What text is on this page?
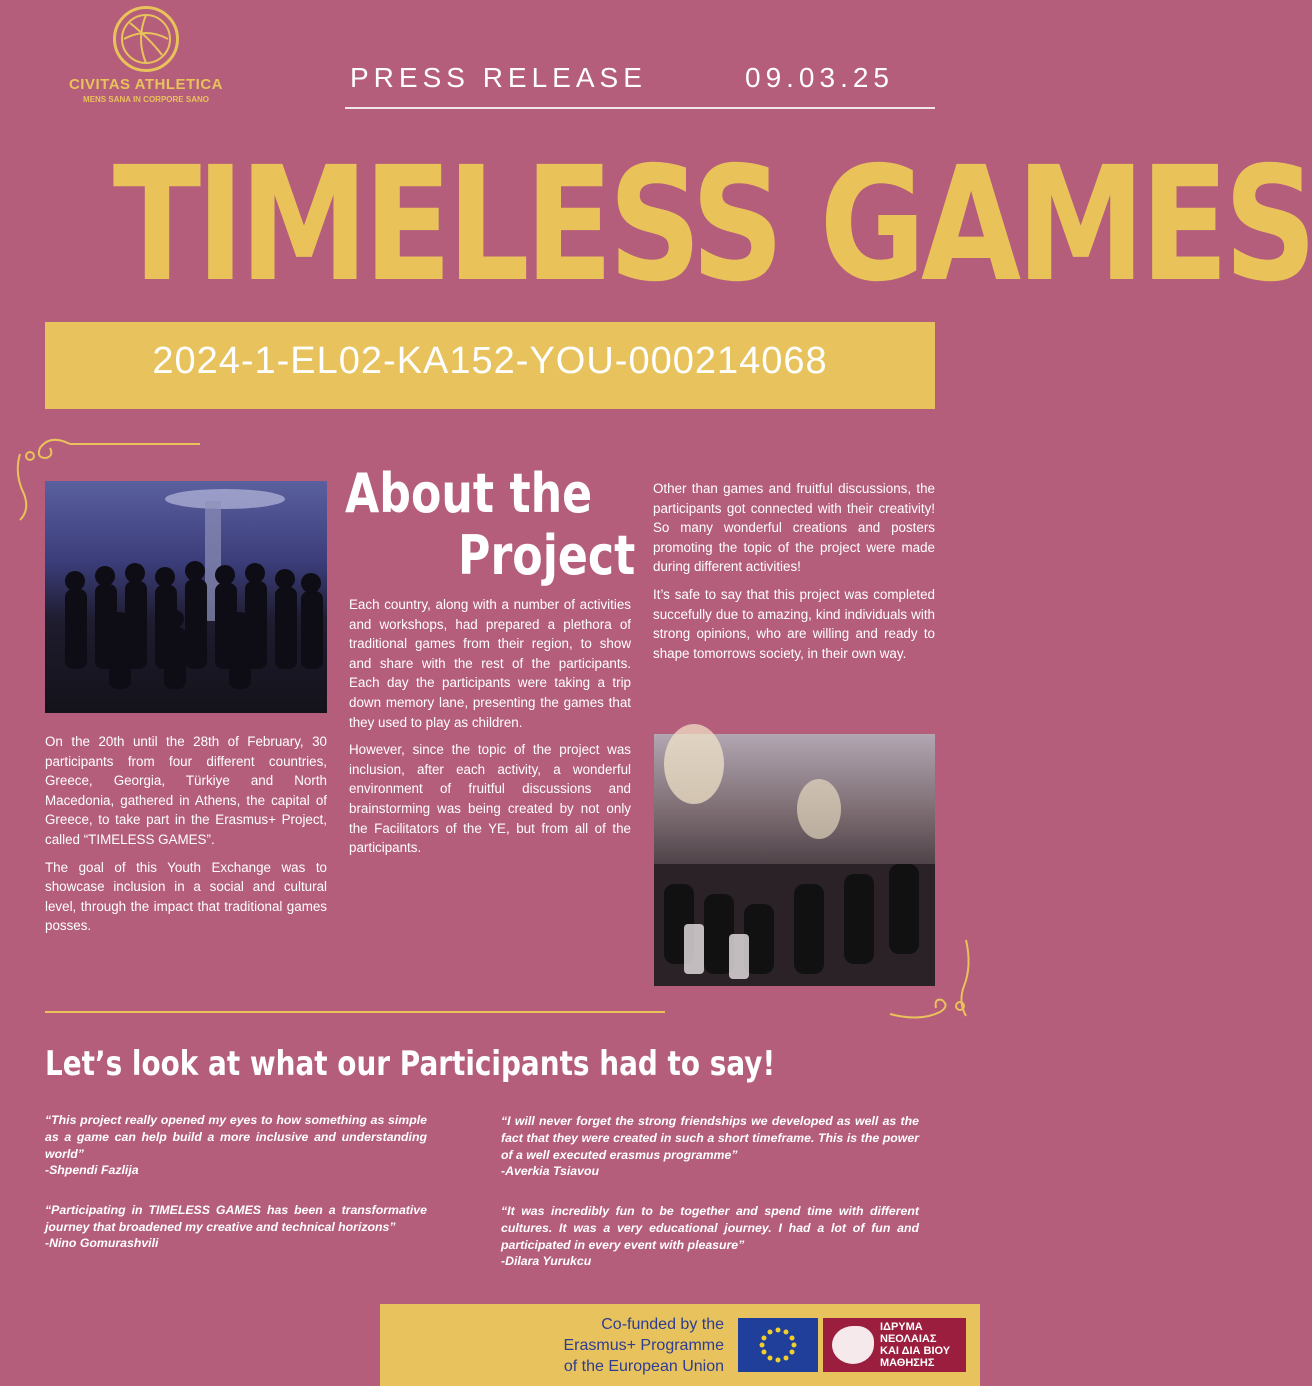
CIVITAS ATHLETICA
MENS SANA IN CORPORE SANO
PRESS RELEASE	09.03.25
TIMELESS GAMES
2024-1-EL02-KA152-YOU-000214068
About the
Project

On the 20th until the 28th of February, 30 participants from four different countries, Greece, Georgia, Türkiye and North Macedonia, gathered in Athens, the capital of Greece, to take part in the Erasmus+ Project, called “TIMELESS GAMES”.

The goal of this Youth Exchange was to showcase inclusion in a social and cultural level, through the impact that traditional games posses.

Each country, along with a number of activities and workshops, had prepared a plethora of traditional games from their region, to show and share with the rest of the participants. Each day the participants were taking a trip down memory lane, presenting the games that they used to play as children.

However, since the topic of the project was inclusion, after each activity, a wonderful environment of fruitful discussions and brainstorming was being created by not only the Facilitators of the YE, but from all of the participants.

Other than games and fruitful discussions, the participants got connected with their creativity! So many wonderful creations and posters promoting the topic of the project were made during different activities!

It’s safe to say that this project was completed succefully due to amazing, kind individuals with strong opinions, who are willing and ready to shape tomorrows society, in their own way.

Let’s look at what our Participants had to say!

“This project really opened my eyes to how something as simple as a game can help build a more inclusive and understanding world”

-Shpendi Fazlija

“Participating in TIMELESS GAMES has been a transformative journey that broadened my creative and technical horizons”

-Nino Gomurashvili

“I will never forget the strong friendships we developed as well as the fact that they were created in such a short timeframe. This is the power of a well executed erasmus programme”

-Averkia Tsiavou

“It was incredibly fun to be together and spend time with different cultures. It was a very educational journey. I had a lot of fun and participated in every event with pleasure”

-Dilara Yurukcu
Co-funded by the
Erasmus+ Programme
of the European Union
ΙΔΡΥΜΑ
ΝΕΟΛΑΙΑΣ
ΚΑΙ ΔΙΑ ΒΙΟΥ
ΜΑΘΗΣΗΣ
